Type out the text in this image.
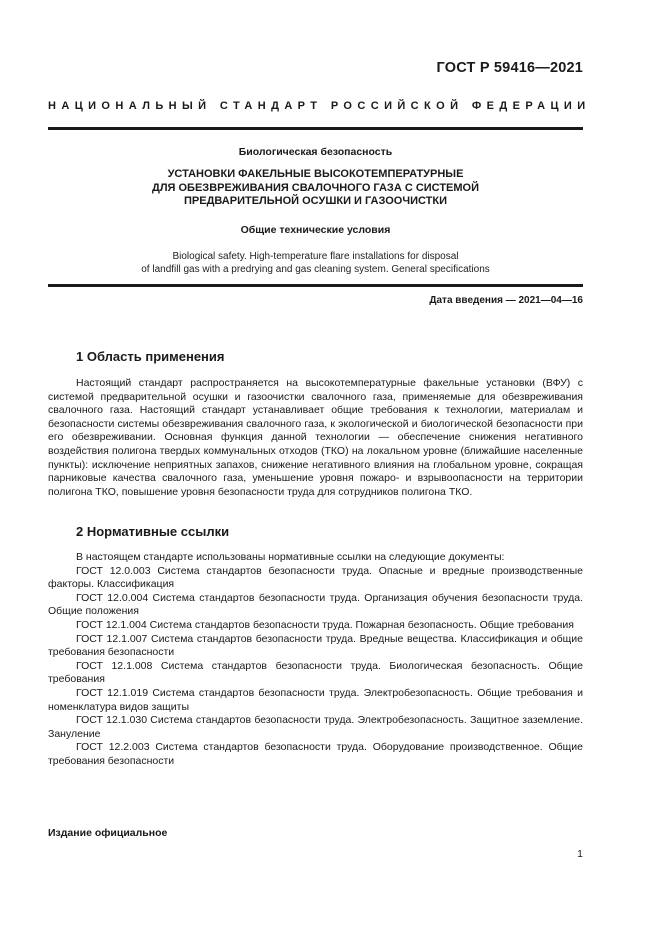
ГОСТ Р 59416—2021
НАЦИОНАЛЬНЫЙ СТАНДАРТ РОССИЙСКОЙ ФЕДЕРАЦИИ
Биологическая безопасность
УСТАНОВКИ ФАКЕЛЬНЫЕ ВЫСОКОТЕМПЕРАТУРНЫЕ
ДЛЯ ОБЕЗВРЕЖИВАНИЯ СВАЛОЧНОГО ГАЗА С СИСТЕМОЙ
ПРЕДВАРИТЕЛЬНОЙ ОСУШКИ И ГАЗООЧИСТКИ
Общие технические условия
Biological safety. High-temperature flare installations for disposal
of landfill gas with a predrying and gas cleaning system. General specifications
Дата введения — 2021—04—16
1 Область применения

Настоящий стандарт распространяется на высокотемпературные факельные установки (ВФУ) с системой предварительной осушки и газоочистки свалочного газа, применяемые для обезвреживания свалочного газа. Настоящий стандарт устанавливает общие требования к технологии, материалам и безопасности системы обезвреживания свалочного газа, к экологической и биологической безопасности при его обезвреживании. Основная функция данной технологии — обеспечение снижения негативного воздействия полигона твердых коммунальных отходов (ТКО) на локальном уровне (ближайшие населенные пункты): исключение неприятных запахов, снижение негативного влияния на глобальном уровне, сокращая парниковые качества свалочного газа, уменьшение уровня пожаро- и взрывоопасности на территории полигона ТКО, повышение уровня безопасности труда для сотрудников полигона ТКО.

2 Нормативные ссылки

В настоящем стандарте использованы нормативные ссылки на следующие документы:

ГОСТ 12.0.003 Система стандартов безопасности труда. Опасные и вредные производственные факторы. Классификация

ГОСТ 12.0.004 Система стандартов безопасности труда. Организация обучения безопасности труда. Общие положения

ГОСТ 12.1.004 Система стандартов безопасности труда. Пожарная безопасность. Общие требования

ГОСТ 12.1.007 Система стандартов безопасности труда. Вредные вещества. Классификация и общие требования безопасности

ГОСТ 12.1.008 Система стандартов безопасности труда. Биологическая безопасность. Общие требования

ГОСТ 12.1.019 Система стандартов безопасности труда. Электробезопасность. Общие требования и номенклатура видов защиты

ГОСТ 12.1.030 Система стандартов безопасности труда. Электробезопасность. Защитное заземление. Зануление

ГОСТ 12.2.003 Система стандартов безопасности труда. Оборудование производственное. Общие требования безопасности

Издание официальное
1
